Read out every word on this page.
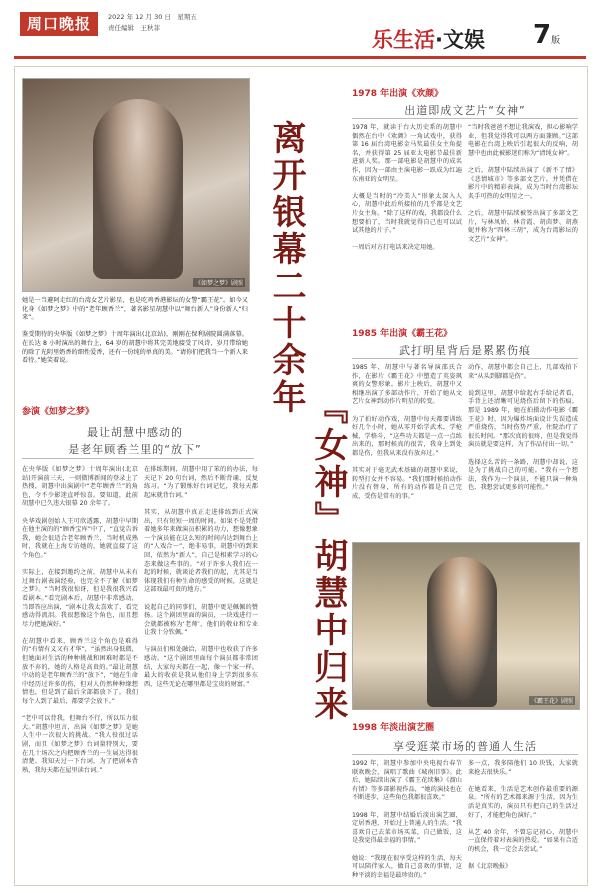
周口晚报	2022 年 12 月 30 日　星期五
责任编辑　王秋菲	乐生活·文娱 7版
《如梦之梦》剧照
她是一当避阿走红的台湾女艺片影星，也是吃鸡香港影坛的女警“霸王花”。如今又化身《如梦之梦》中的“老年顾香兰”，著名影星胡慧中以“舞台新人”身份新人“归来”。

鉴受期待的央华版《如梦之梦》十周年演出(北京站)，刚刚在保利剧院圆满落幕。在长达 8 小时演出的舞台上，64 岁的胡慧中将其完美地接受了风诗，岁月带给她的除了光阴里奶香的细性爱香，还有一份纯的单真的美。“请你们把我当一个新人来看待。”她笑着说。
参演《如梦之梦》
最让胡慧中感动的
是老年顾香兰里的“放下”
在央华版《如梦之梦》十周年演出(北京站)开演前三天，一则微博新闻的登录上了热搜，胡慧中出演剧中“老年顾香兰”的角色，令不少影迷直呼惊喜。要知道，此前胡慧中已久违大银幕 20 余年了。

央华戏剧创始人王可欣透露，胡慧中早期在他主演的的“顾香宝库”中了，“直觉告诉我，她会很适合老年顾香兰，当时机成熟时，我就在上海专访她的，她就直接了这个角色。”

实际上，在接到邀约之前，胡慧中从未有过舞台剧表演经验，也完全不了解《如梦之梦》。“当时我很惊讶，但是我很我兴看看剧本。”看完剧本后，胡慧中非常感动，当即答应出演，“剧本让我太喜欢了，看完感动得流泪。我很想像这个角色，而且想尽力把她演好。”

在胡慧中看来，顾香兰这个角色是难得的“有情有义又有才华”，“虽然出身低微，但她面对生活的种种挑战和困难时都是不放不弃的，她的人格是高贵的。”最让胡慧中动的是老年顾香兰的“放下”，“她在生命中经历过许多的伤，但对人仍然种种缘想情也，但是到了最后全部都放下了。我们每个人到了最后，都要学会放下。”

“老中可以背我，但舞台不行，所以压力很大。”胡慧中坦言，出演《如梦之梦》是她人生中一次很大的挑战。“我人役很过话剧，而且《如梦之梦》台词量特别大，要在几十场次之内把顾香兰的一生展达得很清楚。我知天过一下台词，为了把剧本背熟，我每天都在屋里读台词。”
在排练期间，胡慧中用了笨的的办法，每天记下 20 句台词，然后不断背诵、反复练习。“为了锻炼好台词记忆，我每天都起床就背台词。”

其实，从胡慧中真正走进排练到正式演出，只有短短一周的时间。如果不是凭借着她多年来做演员积累的功力，想像想象一个演员能在这么短的时间内达到舞台上的“人戏合一”，绝非易事，胡慧中的到来回，依然为“新人”，自己是相素学习的心态来做这些事的。“对于许多人我们在一起的时候，就谈论者我们的起，尤其是当体现我们有种生命的感受的时候，这就是这部戏最可贵的地方。”

说起自己的同事们，胡慧中更是佩佩的赞扬。这个剧团里面的演员，一块戏进行一会就都被称为‘老师’，他们的敬业和专业让我十分钦佩。”

与演员们相处融洽，胡慧中也收获了许多感动。“这个剧团里面每个演员都非常团结，大家每天都在一起，像一个家一样。最大的收获是我从他们身上学到很多东西，这些无论在哪里都是宝贵的财富。”
离开银幕二十余年
『女神』胡慧中归来
1978 年出演《欢颜》
出道即成文艺片“女神”
1978 年，就读于台大历史系的胡慧中偶然在台中《欢颜》一角试戏中，获得第 16 届台湾电影金马奖最佳女主角提名，并获得第 25 届亚太电影节最佳新进新人奖。那一部电影是胡慧中的成名作，因为一部由主演电影一跃成为红遍东南亚的女明星。

大概是当时的“冷美人”形象太深入人心，胡慧中此后所接拍的几乎都是文艺片女主角。“除了这样的戏，我都没什么想要拍了，当时我就觉得自己也可以试试其他的片子。”

一周后对方打电话来决定用她。
“当时我爸爸不想让我演戏，担心影响学业，但我觉得我可以两方面兼顾。”这部电影在台湾上映后引起很大的反响，胡慧中也由此被影迷们称为“清纯女神”。

之后，胡慧中陆续出演了《新不了情》《悲情城市》等多部文艺片，并凭借在影片中的精彩表演，成为当时台湾影坛炙手可热的女明星之一。

之后，胡慧中陆续被签出演了多部文艺片，与林凤娇、林青霞、胡茵梦、胡燕妮并称为“四林三胡”，成为台湾影坛的文艺片“女神”。
1985 年出演《霸王花》
武打明星背后是累累伤痕
1985 年，胡慧中与著名导演邵氏合作，在影片《霸王花》中塑造了英姿飒爽的女警形象。影片上映后，胡慧中又相继出演了多部动作片，开始了她从文艺片女神到动作片明星的转变。

为了拍好动作戏，胡慧中每天都要训练好几个小时，她从零开始学武术，学枪械，学格斗，“这些功夫都是一点一点练出来的，那时候真的很苦，我身上到处都是伤，但我从来没有放弃过。”

其实对于毫无武术基础的胡慧中来说，转型打女并不容易。“我们那时候拍动作片没有替身，所有的动作都是自己完成，受伤是常有的事。”
动作，胡慧中都会自己上，几部戏拍下来“从头到脚都是伤”。

说到这里，胡慧中给起右手给记者看，手背上还清晰可见烧伤后留下的伤痕。那是 1989 年，她在拍摄动作电影《霸王花》时，因为爆炸场面设计失误造成严重烧伤，当时伤势严重，住院治疗了很长时间。“那次真的很疼，但是我觉得演员就是要这样，为了作品付出一切。”

选择这么苦的一条路，胡慧中却说，这是为了挑战自己的可能。“我有一个想法，我作为一个演员，不能只演一种角色，我想尝试更多的可能性。”
《霸王花》剧照
1998 年淡出演艺圈
享受逛菜市场的普通人生活
1992 年，胡慧中参加中央电视台春节联欢晚会，演唱了歌曲《城南旧事》。此后，她陆续出演了《霸王花续集》《溜山有情》等多部影视作品，“她的演技也在不断进步，这些角色我都很喜欢。”

1998 年，胡慧中结婚后淡出演艺圈，定居香港，开始过上普通人的生活。“我喜欢自己去菜市场买菜，自己做饭，这是我觉得最幸福的事情。”

她说：“我现在很享受这样的生活，每天可以陪伴家人，做自己喜欢的事情，这种平淡的幸福是最珍贵的。”
多一点，我多陪他们 10 块钱，大家就来抢去很快乐。”

在她看来，生活是艺术创作最重要的源泉。“所有的艺术都来源于生活，因为生活是真实的，演员只有把自己的生活过好了，才能把角色演好。”

从艺 40 余年，不曾忘记初心，胡慧中一直保持着对表演的热爱。“如果有合适的机会，我一定会去尝试。”

据《北京晚报》
